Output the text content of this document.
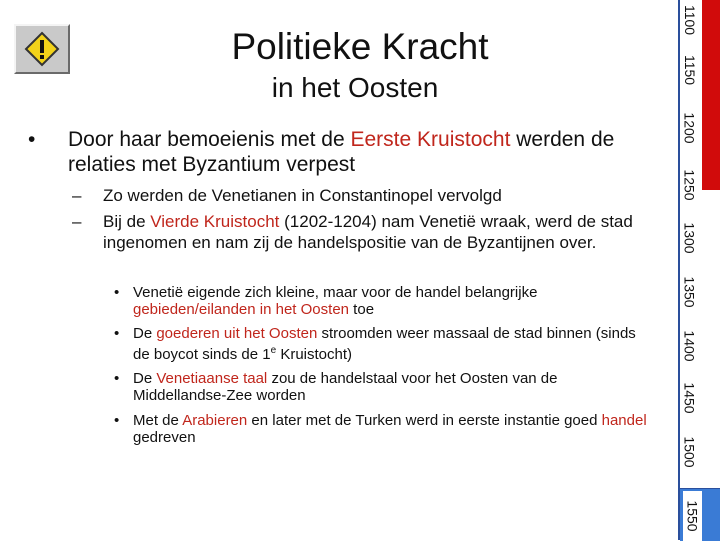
Politieke Kracht
in het Oosten
• Door haar bemoeienis met de Eerste Kruistocht werden de relaties met Byzantium verpest
– Zo werden de Venetianen in Constantinopel vervolgd
– Bij de Vierde Kruistocht (1202-1204) nam Venetië wraak, werd de stad ingenomen en nam zij de handelspositie van de Byzantijnen over.
• Venetië eigende zich kleine, maar voor de handel belangrijke gebieden/eilanden in het Oosten toe
• De goederen uit het Oosten stroomden weer massaal de stad binnen (sinds de boycot sinds de 1e Kruistocht)
• De Venetiaanse taal zou de handelstaal voor het Oosten van de Middellandse-Zee worden
• Met de Arabieren en later met de Turken werd in eerste instantie goed handel gedreven
1100
1150
1200
1250
1300
1350
1400
1450
1500
1550
